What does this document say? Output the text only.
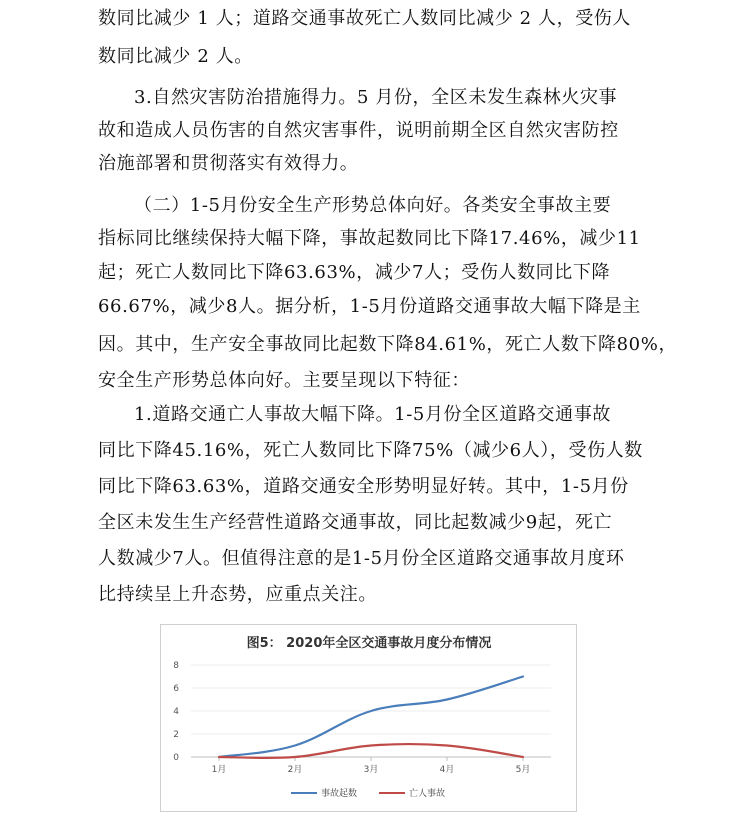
数同比减少 1 人；道路交通事故死亡人数同比减少 2 人，受伤人
数同比减少 2 人。
3.自然灾害防治措施得力。5 月份，全区未发生森林火灾事
故和造成人员伤害的自然灾害事件，说明前期全区自然灾害防控
治施部署和贯彻落实有效得力。
（二）1-5月份安全生产形势总体向好。各类安全事故主要
指标同比继续保持大幅下降，事故起数同比下降17.46%，减少11
起；死亡人数同比下降63.63%，减少7人；受伤人数同比下降
66.67%，减少8人。据分析，1-5月份道路交通事故大幅下降是主
因。其中，生产安全事故同比起数下降84.61%，死亡人数下降80%，
安全生产形势总体向好。主要呈现以下特征：
1.道路交通亡人事故大幅下降。1-5月份全区道路交通事故
同比下降45.16%，死亡人数同比下降75%（减少6人），受伤人数
同比下降63.63%，道路交通安全形势明显好转。其中，1-5月份
全区未发生生产经营性道路交通事故，同比起数减少9起，死亡
人数减少7人。但值得注意的是1-5月份全区道路交通事故月度环
比持续呈上升态势，应重点关注。
图5： 2020年全区交通事故月度分布情况
0
2
4
6
8
1月	2月	3月	4月	5月
事故起数	亡人事故
